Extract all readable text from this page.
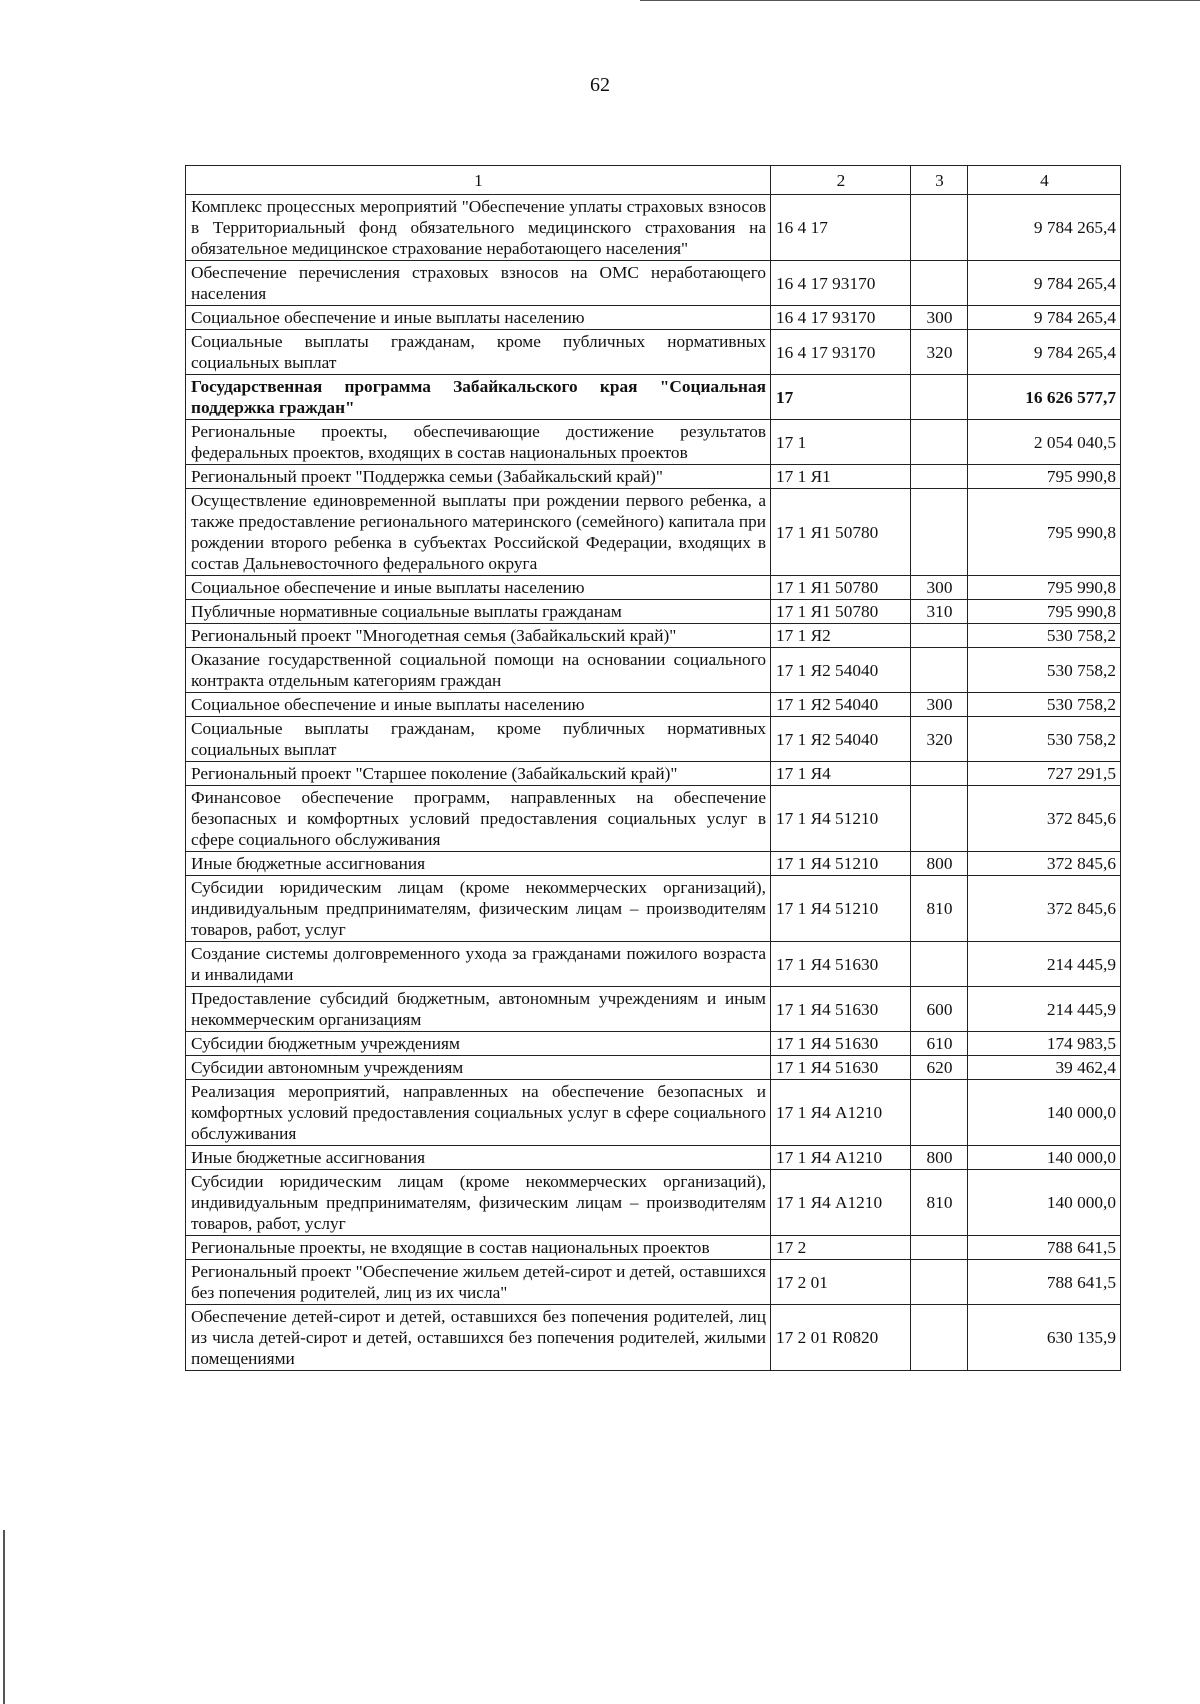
62
1	2	3	4
Комплекс процессных мероприятий "Обеспечение уплаты страховых взносов в Территориальный фонд обязательного медицинского страхования на обязательное медицинское страхование неработающего населения"	16 4 17		9 784 265,4
Обеспечение перечисления страховых взносов на ОМС неработающего населения	16 4 17 93170		9 784 265,4
Социальное обеспечение и иные выплаты населению	16 4 17 93170	300	9 784 265,4
Социальные выплаты гражданам, кроме публичных нормативных социальных выплат	16 4 17 93170	320	9 784 265,4
Государственная программа Забайкальского края "Социальная поддержка граждан"	17		16 626 577,7
Региональные проекты, обеспечивающие достижение результатов федеральных проектов, входящих в состав национальных проектов	17 1		2 054 040,5
Региональный проект "Поддержка семьи (Забайкальский край)"	17 1 Я1		795 990,8
Осуществление единовременной выплаты при рождении первого ребенка, а также предоставление регионального материнского (семейного) капитала при рождении второго ребенка в субъектах Российской Федерации, входящих в состав Дальневосточного федерального округа	17 1 Я1 50780		795 990,8
Социальное обеспечение и иные выплаты населению	17 1 Я1 50780	300	795 990,8
Публичные нормативные социальные выплаты гражданам	17 1 Я1 50780	310	795 990,8
Региональный проект "Многодетная семья (Забайкальский край)"	17 1 Я2		530 758,2
Оказание государственной социальной помощи на основании социального контракта отдельным категориям граждан	17 1 Я2 54040		530 758,2
Социальное обеспечение и иные выплаты населению	17 1 Я2 54040	300	530 758,2
Социальные выплаты гражданам, кроме публичных нормативных социальных выплат	17 1 Я2 54040	320	530 758,2
Региональный проект "Старшее поколение (Забайкальский край)"	17 1 Я4		727 291,5
Финансовое обеспечение программ, направленных на обеспечение безопасных и комфортных условий предоставления социальных услуг в сфере социального обслуживания	17 1 Я4 51210		372 845,6
Иные бюджетные ассигнования	17 1 Я4 51210	800	372 845,6
Субсидии юридическим лицам (кроме некоммерческих организаций), индивидуальным предпринимателям, физическим лицам – производителям товаров, работ, услуг	17 1 Я4 51210	810	372 845,6
Создание системы долговременного ухода за гражданами пожилого возраста и инвалидами	17 1 Я4 51630		214 445,9
Предоставление субсидий бюджетным, автономным учреждениям и иным некоммерческим организациям	17 1 Я4 51630	600	214 445,9
Субсидии бюджетным учреждениям	17 1 Я4 51630	610	174 983,5
Субсидии автономным учреждениям	17 1 Я4 51630	620	39 462,4
Реализация мероприятий, направленных на обеспечение безопасных и комфортных условий предоставления социальных услуг в сфере социального обслуживания	17 1 Я4 А1210		140 000,0
Иные бюджетные ассигнования	17 1 Я4 А1210	800	140 000,0
Субсидии юридическим лицам (кроме некоммерческих организаций), индивидуальным предпринимателям, физическим лицам – производителям товаров, работ, услуг	17 1 Я4 А1210	810	140 000,0
Региональные проекты, не входящие в состав национальных проектов	17 2		788 641,5
Региональный проект "Обеспечение жильем детей-сирот и детей, оставшихся без попечения родителей, лиц из их числа"	17 2 01		788 641,5
Обеспечение детей-сирот и детей, оставшихся без попечения родителей, лиц из числа детей-сирот и детей, оставшихся без попечения родителей, жилыми помещениями	17 2 01 R0820		630 135,9
